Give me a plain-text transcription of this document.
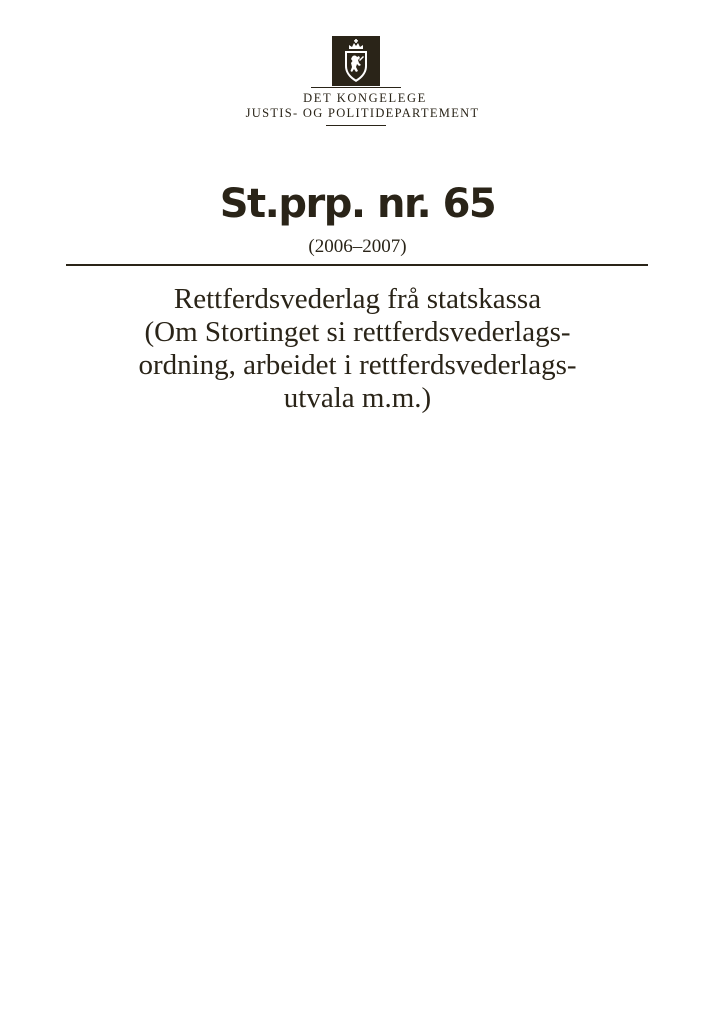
DET KONGELEGE
JUSTIS- OG POLITIDEPARTEMENT
St.prp. nr. 65
(2006–2007)
Rettferdsvederlag frå statskassa
(Om Stortinget si rettferdsvederlags-
ordning, arbeidet i rettferdsvederlags-
utvala m.m.)
